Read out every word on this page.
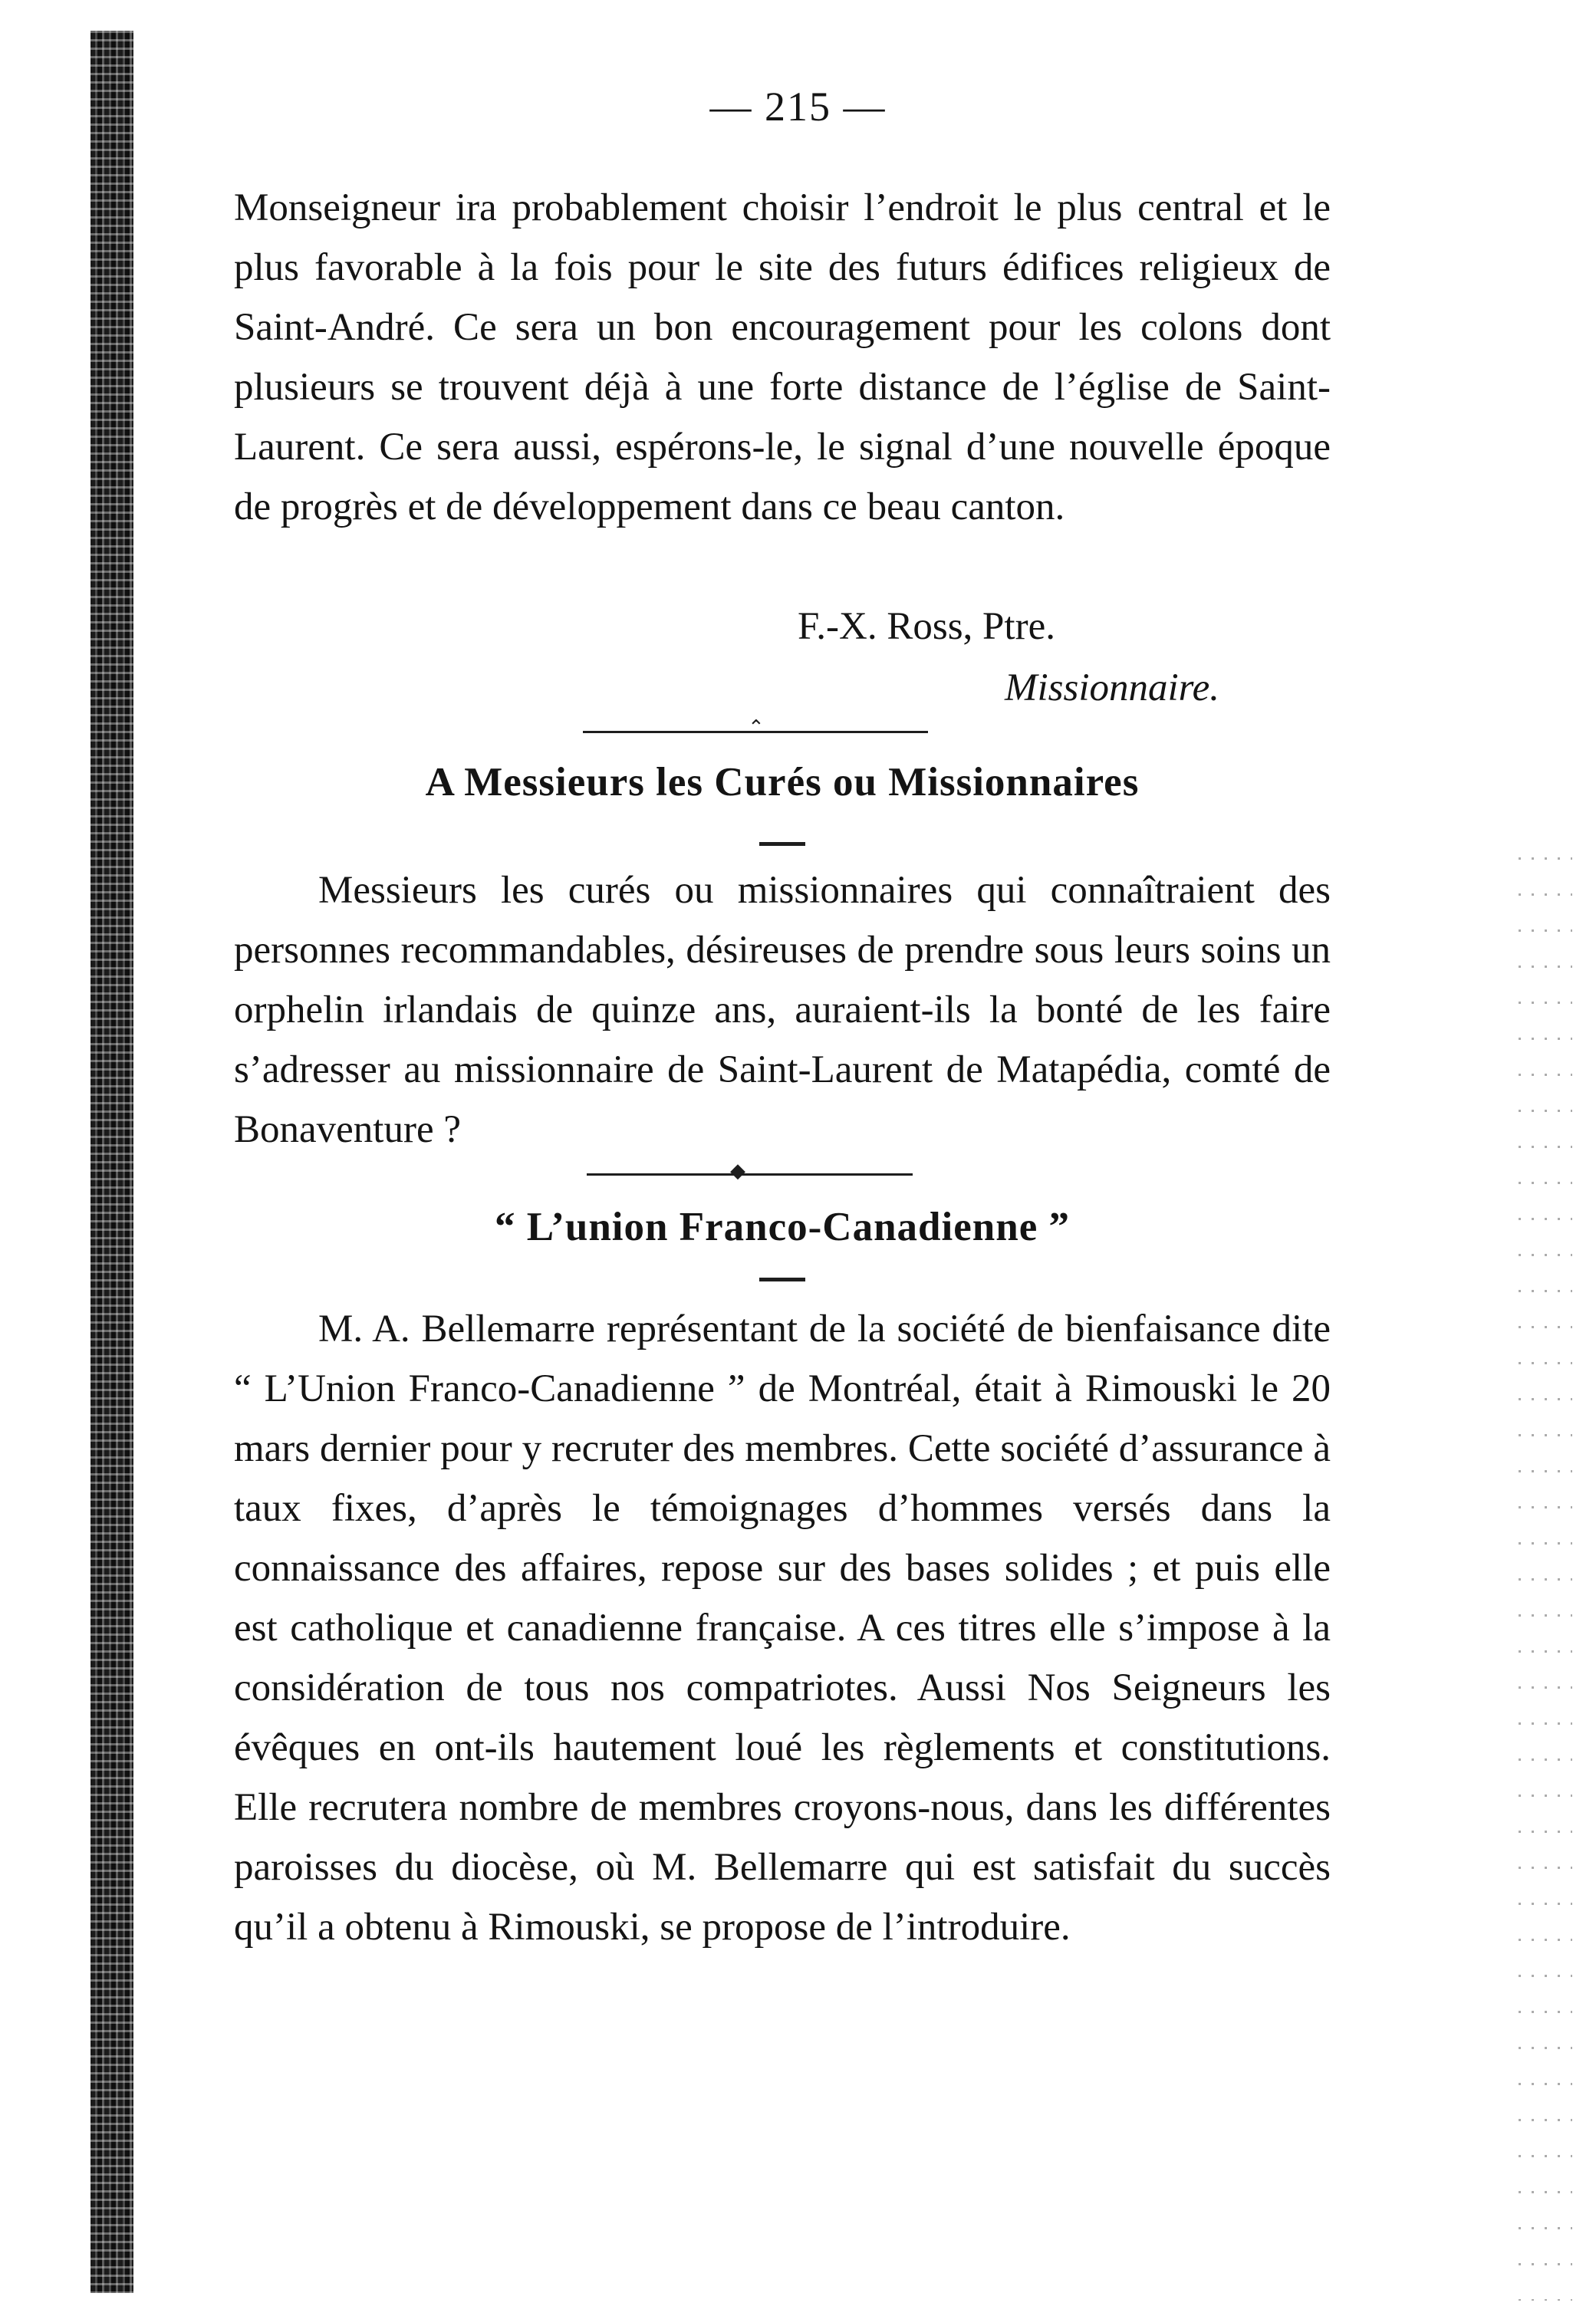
— 215 —

Monseigneur ira probablement choisir l’endroit le plus central et le plus favorable à la fois pour le site des futurs édifices religieux de Saint-André. Ce sera un bon encouragement pour les colons dont plusieurs se trouvent déjà à une forte distance de l’église de Saint-Laurent. Ce sera aussi, espérons-le, le signal d’une nouvelle époque de progrès et de développement dans ce beau canton.

F.-X. Ross, Ptre.
Missionnaire.
⌃
A Messieurs les Curés ou Missionnaires

Messieurs les curés ou missionnaires qui connaîtraient des personnes recommandables, désireuses de prendre sous leurs soins un orphelin irlandais de quinze ans, auraient-ils la bonté de les faire s’adresser au missionnaire de Saint-Laurent de Matapédia, comté de Bonaventure ?

◆
“ L’union Franco-Canadienne ”

M. A. Bellemarre représentant de la société de bienfaisance dite “ L’Union Franco-Canadienne ” de Montréal, était à Rimouski le 20 mars dernier pour y recruter des membres. Cette société d’assurance à taux fixes, d’après le témoignages d’hommes versés dans la connaissance des affaires, repose sur des bases solides ; et puis elle est catholique et canadienne française. A ces titres elle s’impose à la considération de tous nos compatriotes. Aussi Nos Seigneurs les évêques en ont-ils hautement loué les règlements et constitutions. Elle recrutera nombre de membres croyons-nous, dans les différentes paroisses du diocèse, où M. Bellemarre qui est satisfait du succès qu’il a obtenu à Rimouski, se propose de l’introduire.
